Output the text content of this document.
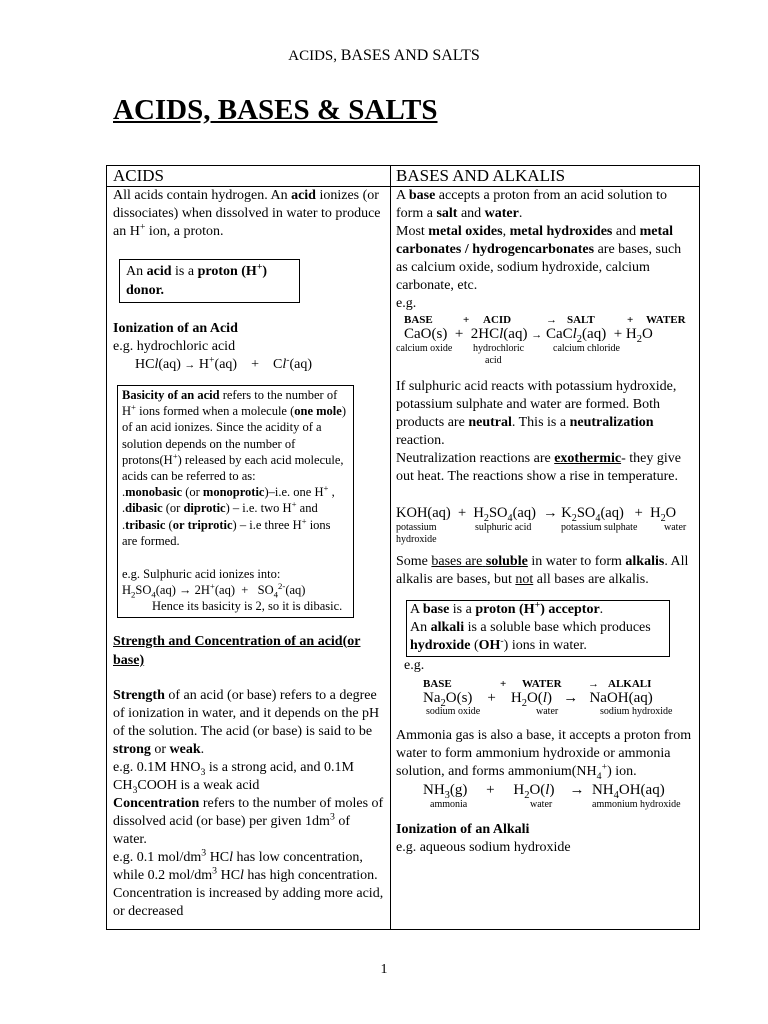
ACIDS, BASES AND SALTS
ACIDS, BASES & SALTS
ACIDS	BASES AND ALKALIS

All acids contain hydrogen. An acid ionizes (or dissociates) when dissolved in water to produce an H+ ion, a proton.

An acid is a proton (H+)
donor.

Ionization of an Acid

e.g. hydrochloric acid

HCl(aq) → H+(aq)    +    Cl-(aq)

Basicity of an acid refers to the number of H+ ions formed when a molecule (one mole) of an acid ionizes. Since the acidity of a solution depends on the number of protons(H+) released by each acid molecule, acids can be referred to as:
.monobasic (or monoprotic)–i.e. one H+ ,
.dibasic (or diprotic) – i.e. two H+ and
.tribasic (or triprotic) – i.e three H+ ions
are formed.

e.g. Sulphuric acid ionizes into:
$H_2SO_4(aq) \to 2H^+(aq) + SO_4^{2-}(aq)$
Hence its basicity is 2, so it is dibasic.

Strength and Concentration of an acid(or base)

Strength of an acid (or base) refers to a degree of ionization in water, and it depends on the pH of the solution. The acid (or base) is said to be strong or weak.
e.g. 0.1M $HNO_3$ is a strong acid, and 0.1M $CH_3COOH$ is a weak acid
Concentration refers to the number of moles of dissolved acid (or base) per given $1dm^3$ of water.
e.g. 0.1 mol/$dm^3$ HCl has low concentration, while 0.2 mol/$dm^3$ HCl has high concentration. Concentration is increased by adding more acid, or decreased

A base accepts a proton from an acid solution to form a salt and water.

Most metal oxides, metal hydroxides and metal carbonates / hydrogencarbonates are bases, such as calcium oxide, sodium hydroxide, calcium carbonate, etc.

e.g.

BASE	+ ACID	→ SALT	+ WATER
CaO(s)  +  2HCl(aq) → CaCl$_2$(aq)  + $H_2O$
calcium oxide hydrochloric
acid
calcium chloride

If sulphuric acid reacts with potassium hydroxide, potassium sulphate and water are formed. Both products are neutral. This is a neutralization reaction.

Neutralization reactions are exothermic- they give out heat. The reactions show a rise in temperature.

$KOH(aq) + H_2SO_4(aq) \to K_2SO_4(aq) + H_2O$
potassium
hydroxide
sulphuric acid	potassium sulphate	water

Some bases are soluble in water to form alkalis. All alkalis are bases, but not all bases are alkalis.

A base is a proton (H+) acceptor.
An alkali is a soluble base which produces
hydroxide (OH-) ions in water.

e.g.

BASE	+ WATER → ALKALI
$Na_2O(s)$    +    $H_2O(l)$   →   NaOH(aq)
sodium oxide	water	sodium hydroxide

Ammonia gas is also a base, it accepts a proton from water to form ammonium hydroxide or ammonia solution, and forms $ammonium(NH_4^+)$ ion.

$NH_3(g)$     +     $H_2O(l)$    →  $NH_4OH(aq)$
ammonia	water	ammonium hydroxide

Ionization of an Alkali

e.g. aqueous sodium hydroxide

1
